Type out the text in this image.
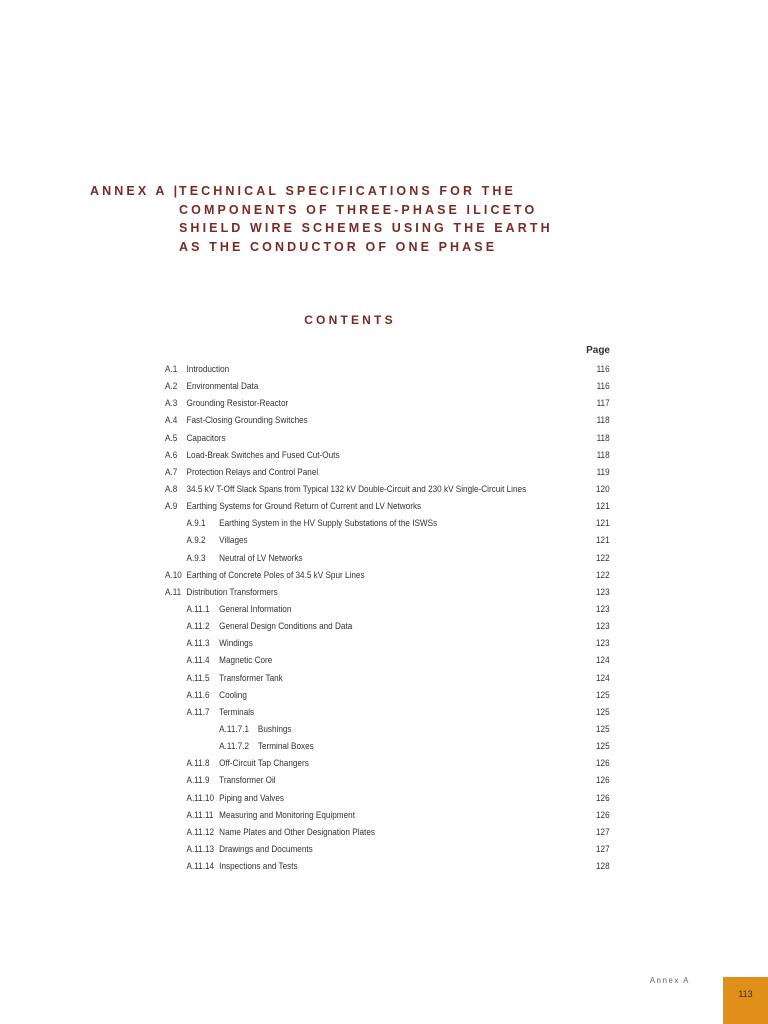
ANNEX A |TECHNICAL SPECIFICATIONS FOR THE
COMPONENTS OF THREE-PHASE ILICETO
SHIELD WIRE SCHEMES USING THE EARTH
AS THE CONDUCTOR OF ONE PHASE
CONTENTS
Page
A.1 Introduction	116
A.2 Environmental Data	116
A.3 Grounding Resistor-Reactor	117
A.4 Fast-Closing Grounding Switches	118
A.5 Capacitors	118
A.6 Load-Break Switches and Fused Cut-Outs	118
A.7 Protection Relays and Control Panel	119
A.8 34.5 kV T-Off Slack Spans from Typical 132 kV Double-Circuit and 230 kV Single-Circuit Lines	120
A.9 Earthing Systems for Ground Return of Current and LV Networks	121
A.9.1 Earthing System in the HV Supply Substations of the ISWSs	121
A.9.2 Villages	121
A.9.3 Neutral of LV Networks	122
A.10 Earthing of Concrete Poles of 34.5 kV Spur Lines	122
A.11 Distribution Transformers	123
A.11.1 General Information	123
A.11.2 General Design Conditions and Data	123
A.11.3 Windings	123
A.11.4 Magnetic Core	124
A.11.5 Transformer Tank	124
A.11.6 Cooling	125
A.11.7 Terminals	125
A.11.7.1 Bushings	125
A.11.7.2 Terminal Boxes	125
A.11.8 Off-Circuit Tap Changers	126
A.11.9 Transformer Oil	126
A.11.10 Piping and Valves	126
A.11.11 Measuring and Monitoring Equipment	126
A.11.12 Name Plates and Other Designation Plates	127
A.11.13 Drawings and Documents	127
A.11.14 Inspections and Tests	128
Annex A
113
